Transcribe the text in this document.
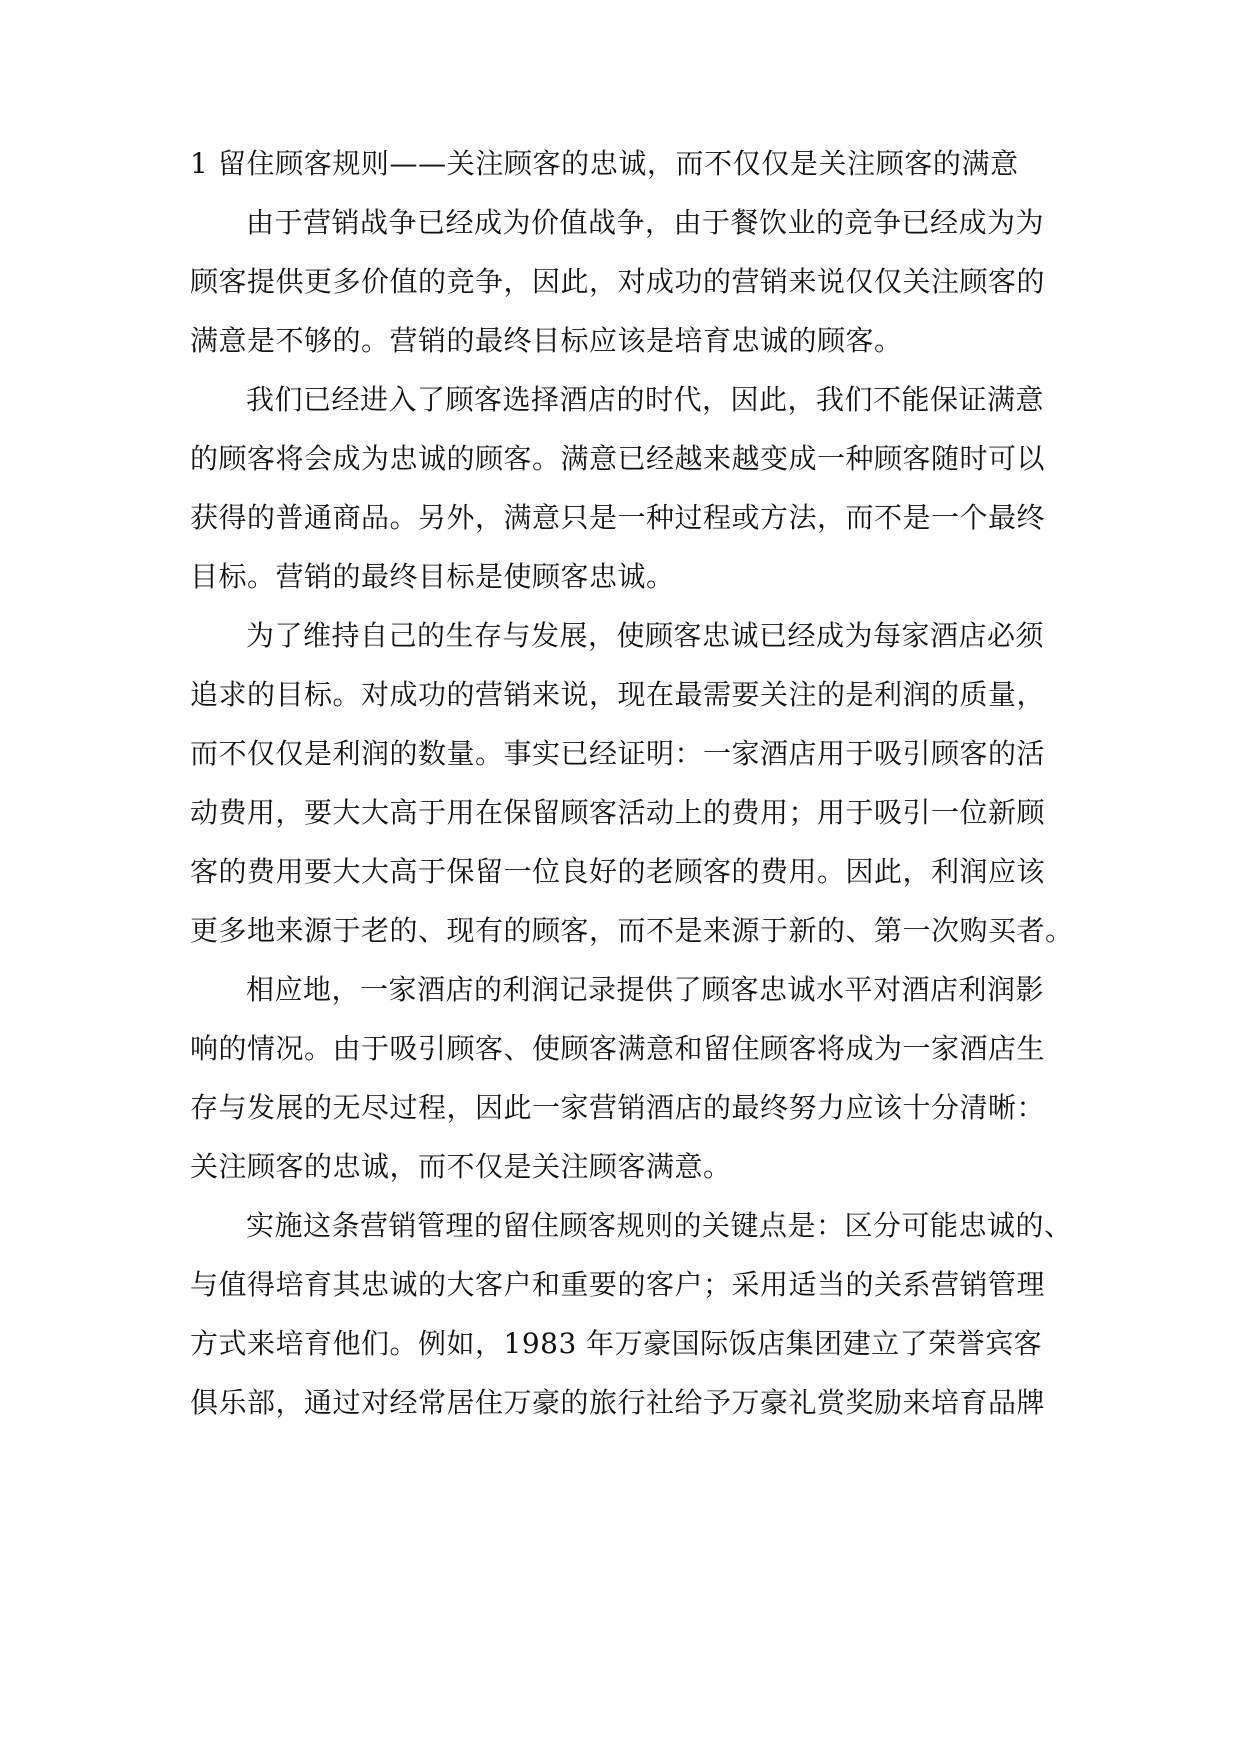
1 留住顾客规则——关注顾客的忠诚，而不仅仅是关注顾客的满意
由于营销战争已经成为价值战争，由于餐饮业的竞争已经成为为
顾客提供更多价值的竞争，因此，对成功的营销来说仅仅关注顾客的
满意是不够的。营销的最终目标应该是培育忠诚的顾客。
我们已经进入了顾客选择酒店的时代，因此，我们不能保证满意
的顾客将会成为忠诚的顾客。满意已经越来越变成一种顾客随时可以
获得的普通商品。另外，满意只是一种过程或方法，而不是一个最终
目标。营销的最终目标是使顾客忠诚。
为了维持自己的生存与发展，使顾客忠诚已经成为每家酒店必须
追求的目标。对成功的营销来说，现在最需要关注的是利润的质量，
而不仅仅是利润的数量。事实已经证明：一家酒店用于吸引顾客的活
动费用，要大大高于用在保留顾客活动上的费用；用于吸引一位新顾
客的费用要大大高于保留一位良好的老顾客的费用。因此，利润应该
更多地来源于老的、现有的顾客，而不是来源于新的、第一次购买者。
相应地，一家酒店的利润记录提供了顾客忠诚水平对酒店利润影
响的情况。由于吸引顾客、使顾客满意和留住顾客将成为一家酒店生
存与发展的无尽过程，因此一家营销酒店的最终努力应该十分清晰：
关注顾客的忠诚，而不仅是关注顾客满意。
实施这条营销管理的留住顾客规则的关键点是：区分可能忠诚的、
与值得培育其忠诚的大客户和重要的客户；采用适当的关系营销管理
方式来培育他们。例如，1983 年万豪国际饭店集团建立了荣誉宾客
俱乐部，通过对经常居住万豪的旅行社给予万豪礼赏奖励来培育品牌
